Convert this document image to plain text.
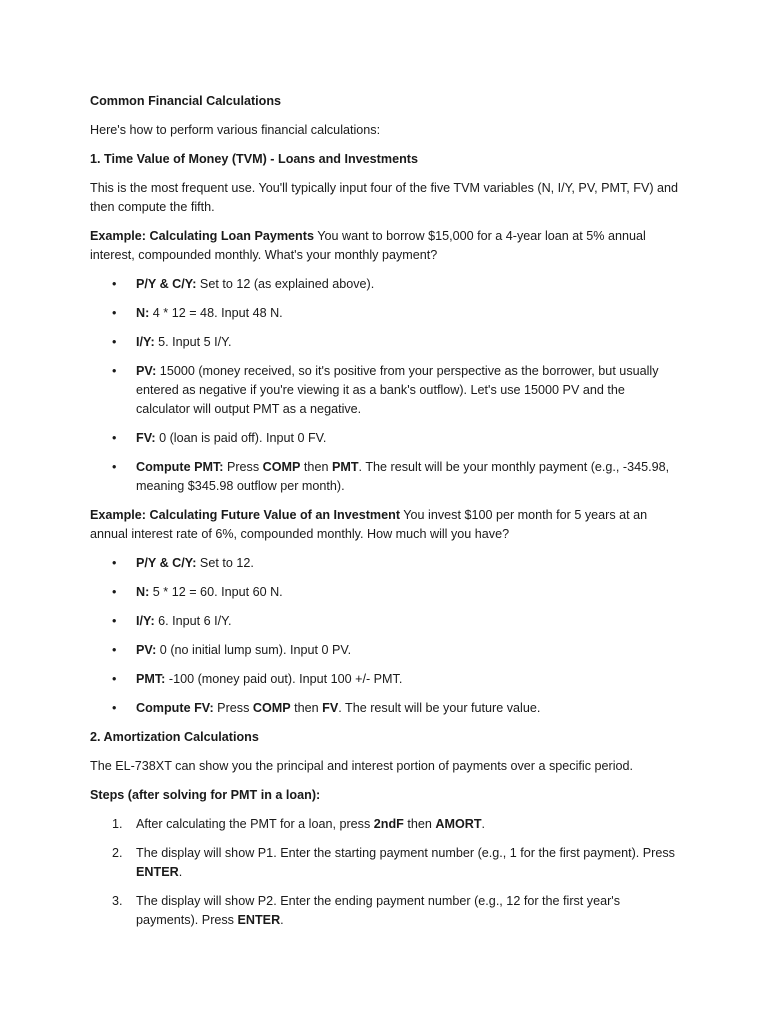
Common Financial Calculations

Here's how to perform various financial calculations:

1. Time Value of Money (TVM) - Loans and Investments

This is the most frequent use. You'll typically input four of the five TVM variables (N, I/Y, PV, PMT, FV) and then compute the fifth.

Example: Calculating Loan Payments You want to borrow $15,000 for a 4-year loan at 5% annual interest, compounded monthly. What's your monthly payment?

• P/Y & C/Y: Set to 12 (as explained above).
• N: 4 * 12 = 48. Input 48 N.
• I/Y: 5. Input 5 I/Y.
• PV: 15000 (money received, so it's positive from your perspective as the borrower, but usually entered as negative if you're viewing it as a bank's outflow). Let's use 15000 PV and the calculator will output PMT as a negative.
• FV: 0 (loan is paid off). Input 0 FV.
• Compute PMT: Press COMP then PMT. The result will be your monthly payment (e.g., -345.98, meaning $345.98 outflow per month).

Example: Calculating Future Value of an Investment You invest $100 per month for 5 years at an annual interest rate of 6%, compounded monthly. How much will you have?

• P/Y & C/Y: Set to 12.
• N: 5 * 12 = 60. Input 60 N.
• I/Y: 6. Input 6 I/Y.
• PV: 0 (no initial lump sum). Input 0 PV.
• PMT: -100 (money paid out). Input 100 +/- PMT.
• Compute FV: Press COMP then FV. The result will be your future value.

2. Amortization Calculations

The EL-738XT can show you the principal and interest portion of payments over a specific period.

Steps (after solving for PMT in a loan):

1. After calculating the PMT for a loan, press 2ndF then AMORT.
2. The display will show P1. Enter the starting payment number (e.g., 1 for the first payment). Press ENTER.
3. The display will show P2. Enter the ending payment number (e.g., 12 for the first year's payments). Press ENTER.
